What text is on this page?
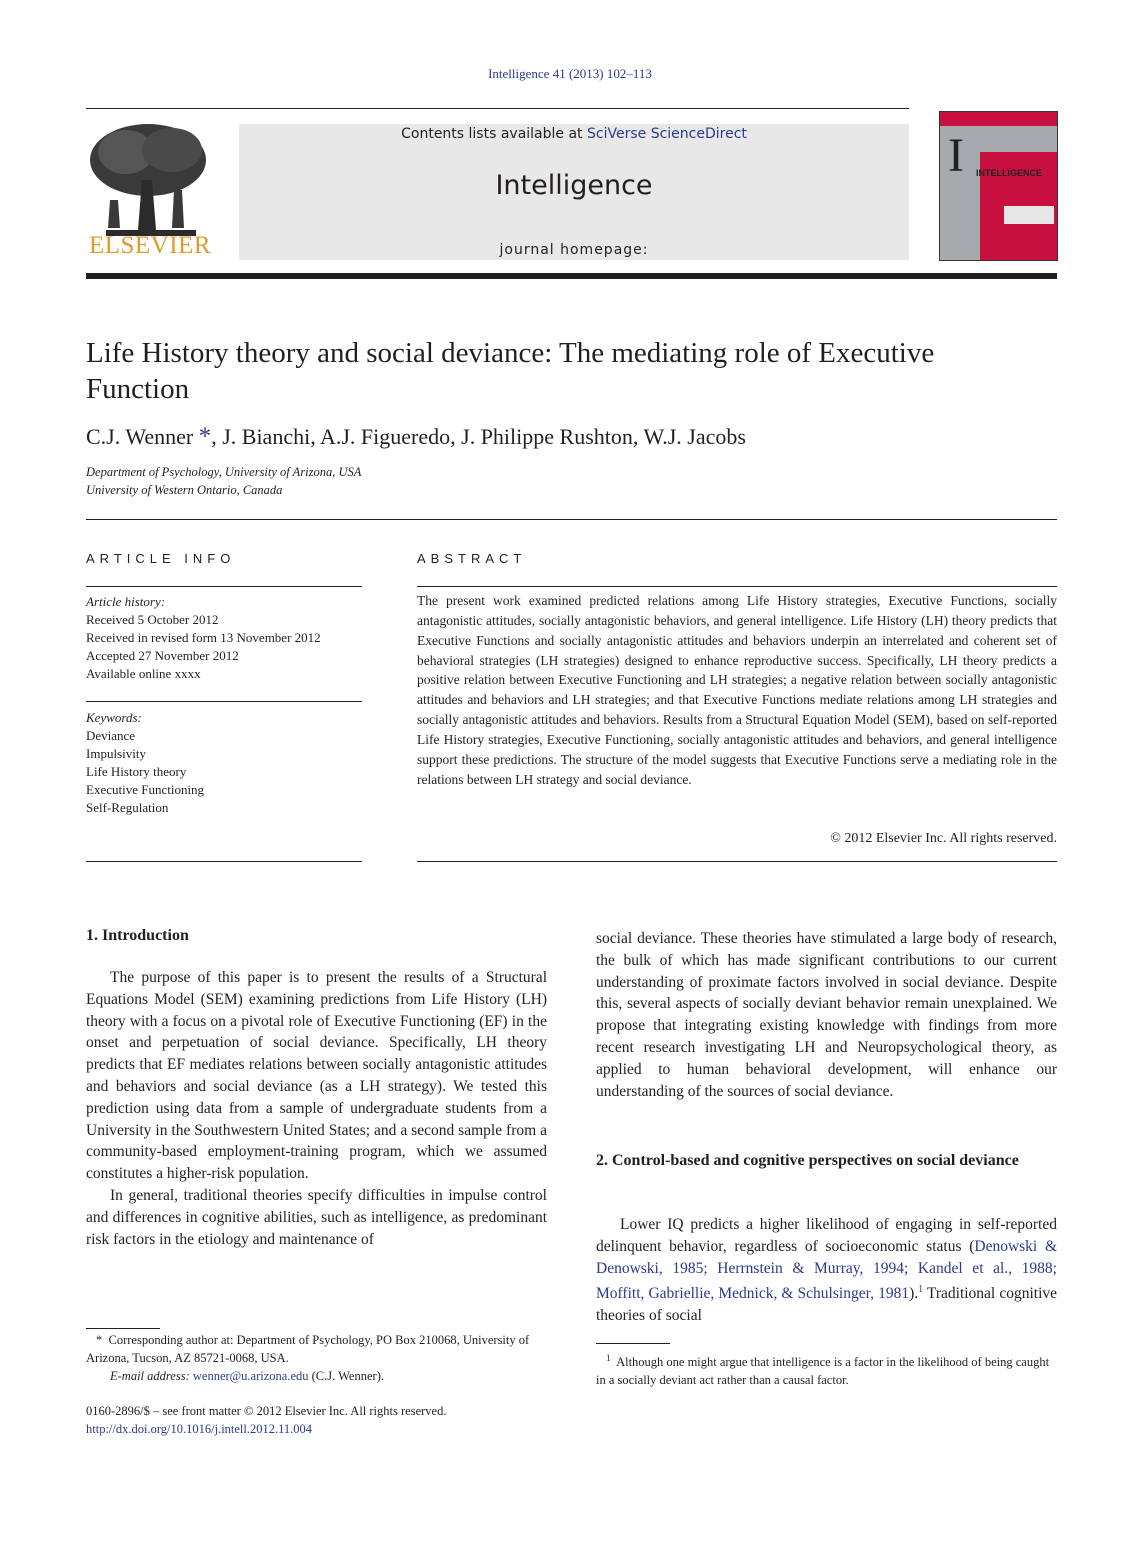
Intelligence 41 (2013) 102–113
ELSEVIER
Contents lists available at SciVerse ScienceDirect
Intelligence
journal homepage:
I INTELLIGENCE
Life History theory and social deviance: The mediating role of Executive Function
C.J. Wenner *, J. Bianchi, A.J. Figueredo, J. Philippe Rushton, W.J. Jacobs
Department of Psychology, University of Arizona, USA
University of Western Ontario, Canada
ARTICLE INFO
Article history:
Received 5 October 2012
Received in revised form 13 November 2012
Accepted 27 November 2012
Available online xxxx
Keywords:
Deviance
Impulsivity
Life History theory
Executive Functioning
Self-Regulation
ABSTRACT
The present work examined predicted relations among Life History strategies, Executive Functions, socially antagonistic attitudes, socially antagonistic behaviors, and general intelligence. Life History (LH) theory predicts that Executive Functions and socially antagonistic attitudes and behaviors underpin an interrelated and coherent set of behavioral strategies (LH strategies) designed to enhance reproductive success. Specifically, LH theory predicts a positive relation between Executive Functioning and LH strategies; a negative relation between socially antagonistic attitudes and behaviors and LH strategies; and that Executive Functions mediate relations among LH strategies and socially antagonistic attitudes and behaviors. Results from a Structural Equation Model (SEM), based on self-reported Life History strategies, Executive Functioning, socially antagonistic attitudes and behaviors, and general intelligence support these predictions. The structure of the model suggests that Executive Functions serve a mediating role in the relations between LH strategy and social deviance.
© 2012 Elsevier Inc. All rights reserved.
1. Introduction

The purpose of this paper is to present the results of a Structural Equations Model (SEM) examining predictions from Life History (LH) theory with a focus on a pivotal role of Executive Functioning (EF) in the onset and perpetuation of social deviance. Specifically, LH theory predicts that EF mediates relations between socially antagonistic attitudes and behaviors and social deviance (as a LH strategy). We tested this prediction using data from a sample of undergraduate students from a University in the Southwestern United States; and a second sample from a community-based employment-training program, which we assumed constitutes a higher-risk population.

In general, traditional theories specify difficulties in impulse control and differences in cognitive abilities, such as intelligence, as predominant risk factors in the etiology and maintenance of

social deviance. These theories have stimulated a large body of research, the bulk of which has made significant contributions to our current understanding of proximate factors involved in social deviance. Despite this, several aspects of socially deviant behavior remain unexplained. We propose that integrating existing knowledge with findings from more recent research investigating LH and Neuropsychological theory, as applied to human behavioral development, will enhance our understanding of the sources of social deviance.

2. Control-based and cognitive perspectives on social deviance

Lower IQ predicts a higher likelihood of engaging in self-reported delinquent behavior, regardless of socioeconomic status (Denowski & Denowski, 1985; Herrnstein & Murray, 1994; Kandel et al., 1988; Moffitt, Gabriellie, Mednick, & Schulsinger, 1981).$^1$ Traditional cognitive theories of social

* Corresponding author at: Department of Psychology, PO Box 210068, University of Arizona, Tucson, AZ 85721-0068, USA.
E-mail address: wenner@u.arizona.edu (C.J. Wenner).
0160-2896/$ – see front matter © 2012 Elsevier Inc. All rights reserved.
http://dx.doi.org/10.1016/j.intell.2012.11.004
$^1$ Although one might argue that intelligence is a factor in the likelihood of being caught in a socially deviant act rather than a causal factor.
